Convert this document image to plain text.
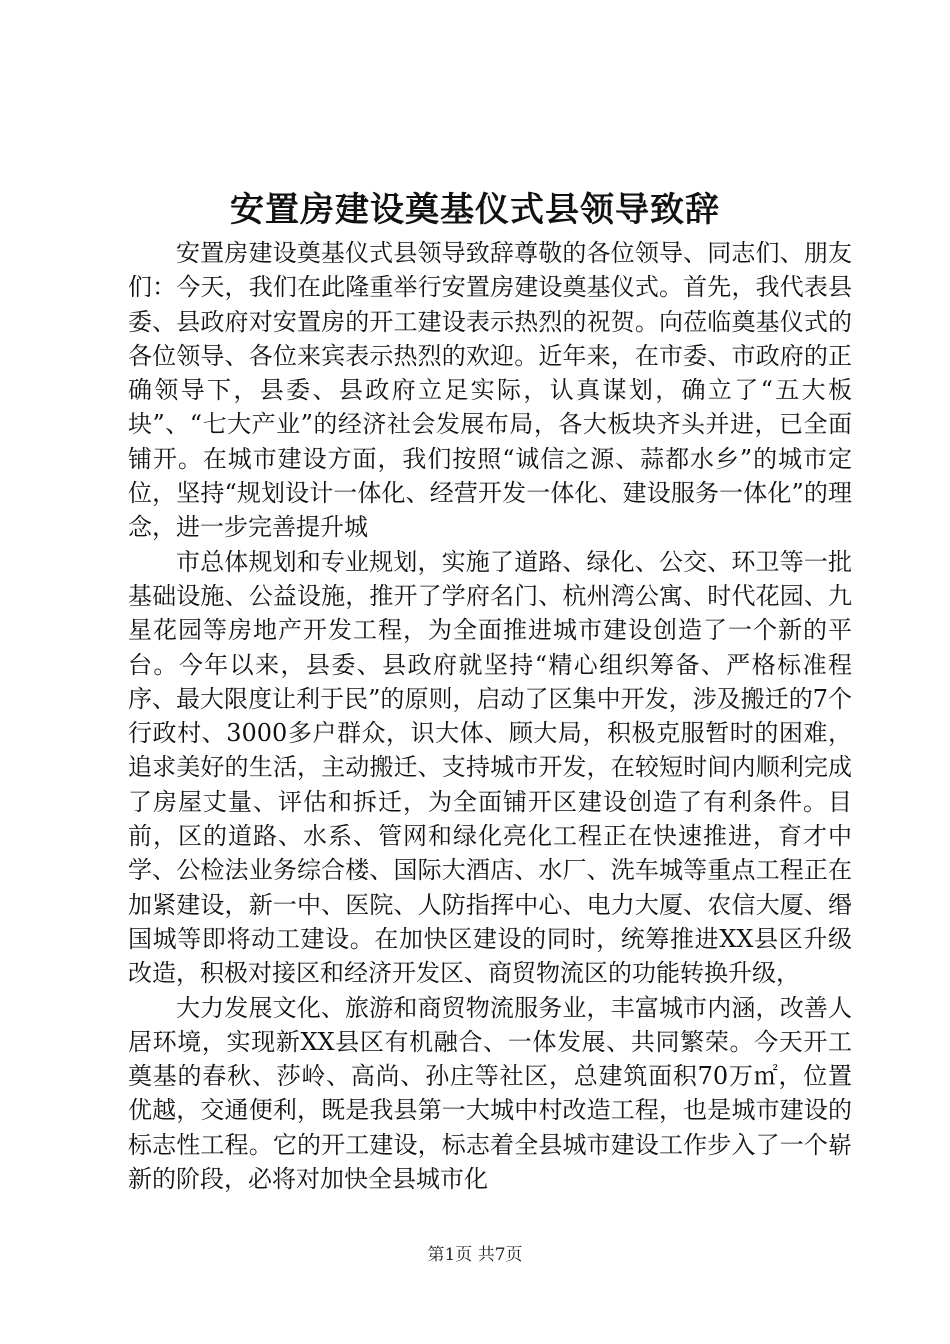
安置房建设奠基仪式县领导致辞

安置房建设奠基仪式县领导致辞尊敬的各位领导、同志们、朋友们：今天，我们在此隆重举行安置房建设奠基仪式。首先，我代表县委、县政府对安置房的开工建设表示热烈的祝贺。向莅临奠基仪式的各位领导、各位来宾表示热烈的欢迎。近年来，在市委、市政府的正确领导下，县委、县政府立足实际，认真谋划，确立了“五大板块”、“七大产业”的经济社会发展布局，各大板块齐头并进，已全面铺开。在城市建设方面，我们按照“诚信之源、蒜都水乡”的城市定位，坚持“规划设计一体化、经营开发一体化、建设服务一体化”的理念，进一步完善提升城

市总体规划和专业规划，实施了道路、绿化、公交、环卫等一批基础设施、公益设施，推开了学府名门、杭州湾公寓、时代花园、九星花园等房地产开发工程，为全面推进城市建设创造了一个新的平台。今年以来，县委、县政府就坚持“精心组织筹备、严格标准程序、最大限度让利于民”的原则，启动了区集中开发，涉及搬迁的7个行政村、3000多户群众，识大体、顾大局，积极克服暂时的困难，追求美好的生活，主动搬迁、支持城市开发，在较短时间内顺利完成了房屋丈量、评估和拆迁，为全面铺开区建设创造了有利条件。目前，区的道路、水系、管网和绿化亮化工程正在快速推进，育才中学、公检法业务综合楼、国际大酒店、水厂、洗车城等重点工程正在加紧建设，新一中、医院、人防指挥中心、电力大厦、农信大厦、缗国城等即将动工建设。在加快区建设的同时，统筹推进XX县区升级改造，积极对接区和经济开发区、商贸物流区的功能转换升级，

大力发展文化、旅游和商贸物流服务业，丰富城市内涵，改善人居环境，实现新XX县区有机融合、一体发展、共同繁荣。今天开工奠基的春秋、莎岭、高尚、孙庄等社区，总建筑面积70万㎡，位置优越，交通便利，既是我县第一大城中村改造工程，也是城市建设的标志性工程。它的开工建设，标志着全县城市建设工作步入了一个崭新的阶段，必将对加快全县城市化

第1页 共7页
